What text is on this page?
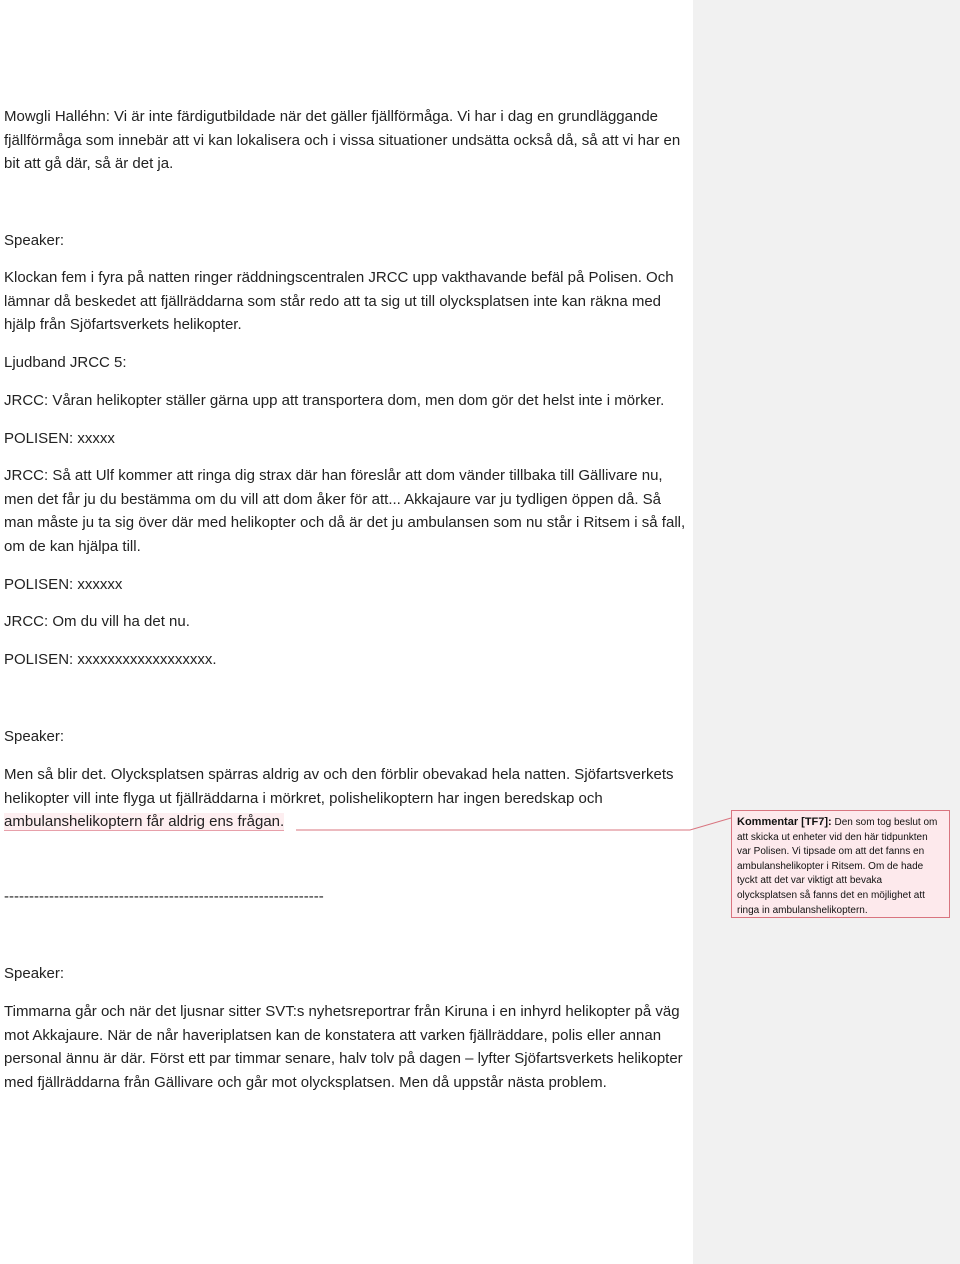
Mowgli Halléhn: Vi är inte färdigutbildade när det gäller fjällförmåga. Vi har i dag en grundläggande fjällförmåga som innebär att vi kan lokalisera och i vissa situationer undsätta också då, så att vi har en bit att gå där, så är det ja.

Speaker:

Klockan fem i fyra på natten ringer räddningscentralen JRCC upp vakthavande befäl på Polisen. Och lämnar då beskedet att fjällräddarna som står redo att ta sig ut till olycksplatsen inte kan räkna med hjälp från Sjöfartsverkets helikopter.

Ljudband JRCC 5:

JRCC: Våran helikopter ställer gärna upp att transportera dom, men dom gör det helst inte i mörker.

POLISEN: xxxxx

JRCC: Så att Ulf kommer att ringa dig strax där han föreslår att dom vänder tillbaka till Gällivare nu, men det får ju du bestämma om du vill att dom åker för att... Akkajaure var ju tydligen öppen då. Så man måste ju ta sig över där med helikopter och då är det ju ambulansen som nu står i Ritsem i så fall, om de kan hjälpa till.

POLISEN: xxxxxx

JRCC: Om du vill ha det nu.

POLISEN: xxxxxxxxxxxxxxxxxx.

Speaker:

Men så blir det. Olycksplatsen spärras aldrig av och den förblir obevakad hela natten. Sjöfartsverkets helikopter vill inte flyga ut fjällräddarna i mörkret, polishelikoptern har ingen beredskap och

ambulanshelikoptern får aldrig ens frågan.

----------------------------------------------------------------

Speaker:

Timmarna går och när det ljusnar sitter SVT:s nyhetsreportrar från Kiruna i en inhyrd helikopter på väg mot Akkajaure. När de når haveriplatsen kan de konstatera att varken fjällräddare, polis eller annan personal ännu är där. Först ett par timmar senare, halv tolv på dagen – lyfter Sjöfartsverkets helikopter med fjällräddarna från Gällivare och går mot olycksplatsen. Men då uppstår nästa problem.

Kommentar [TF7]: Den som tog beslut om att skicka ut enheter vid den här tidpunkten var Polisen. Vi tipsade om att det fanns en ambulanshelikopter i Ritsem. Om de hade tyckt att det var viktigt att bevaka olycksplatsen så fanns det en möjlighet att ringa in ambulanshelikoptern.
